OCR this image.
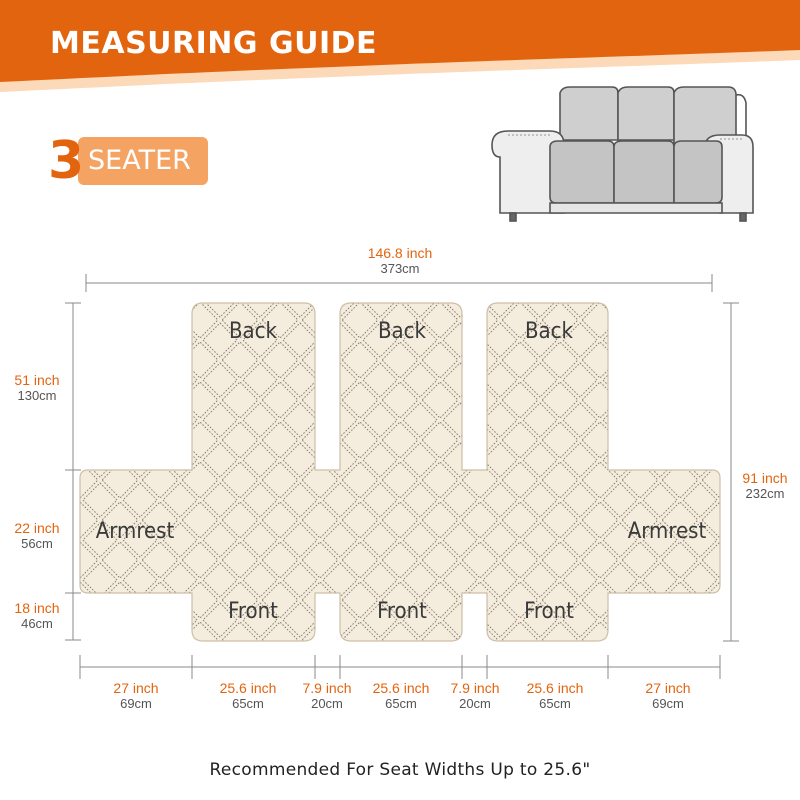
MEASURING GUIDE
3 SEATER
Back	Back	Back
Armrest	Armrest
Front	Front	Front
146.8 inch
373cm
51 inch
130cm
22 inch
56cm
18 inch
46cm
91 inch
232cm
27 inch
69cm
25.6 inch
65cm
7.9 inch
20cm
25.6 inch
65cm
7.9 inch
20cm
25.6 inch
65cm
27 inch
69cm
Recommended For Seat Widths Up to 25.6"
